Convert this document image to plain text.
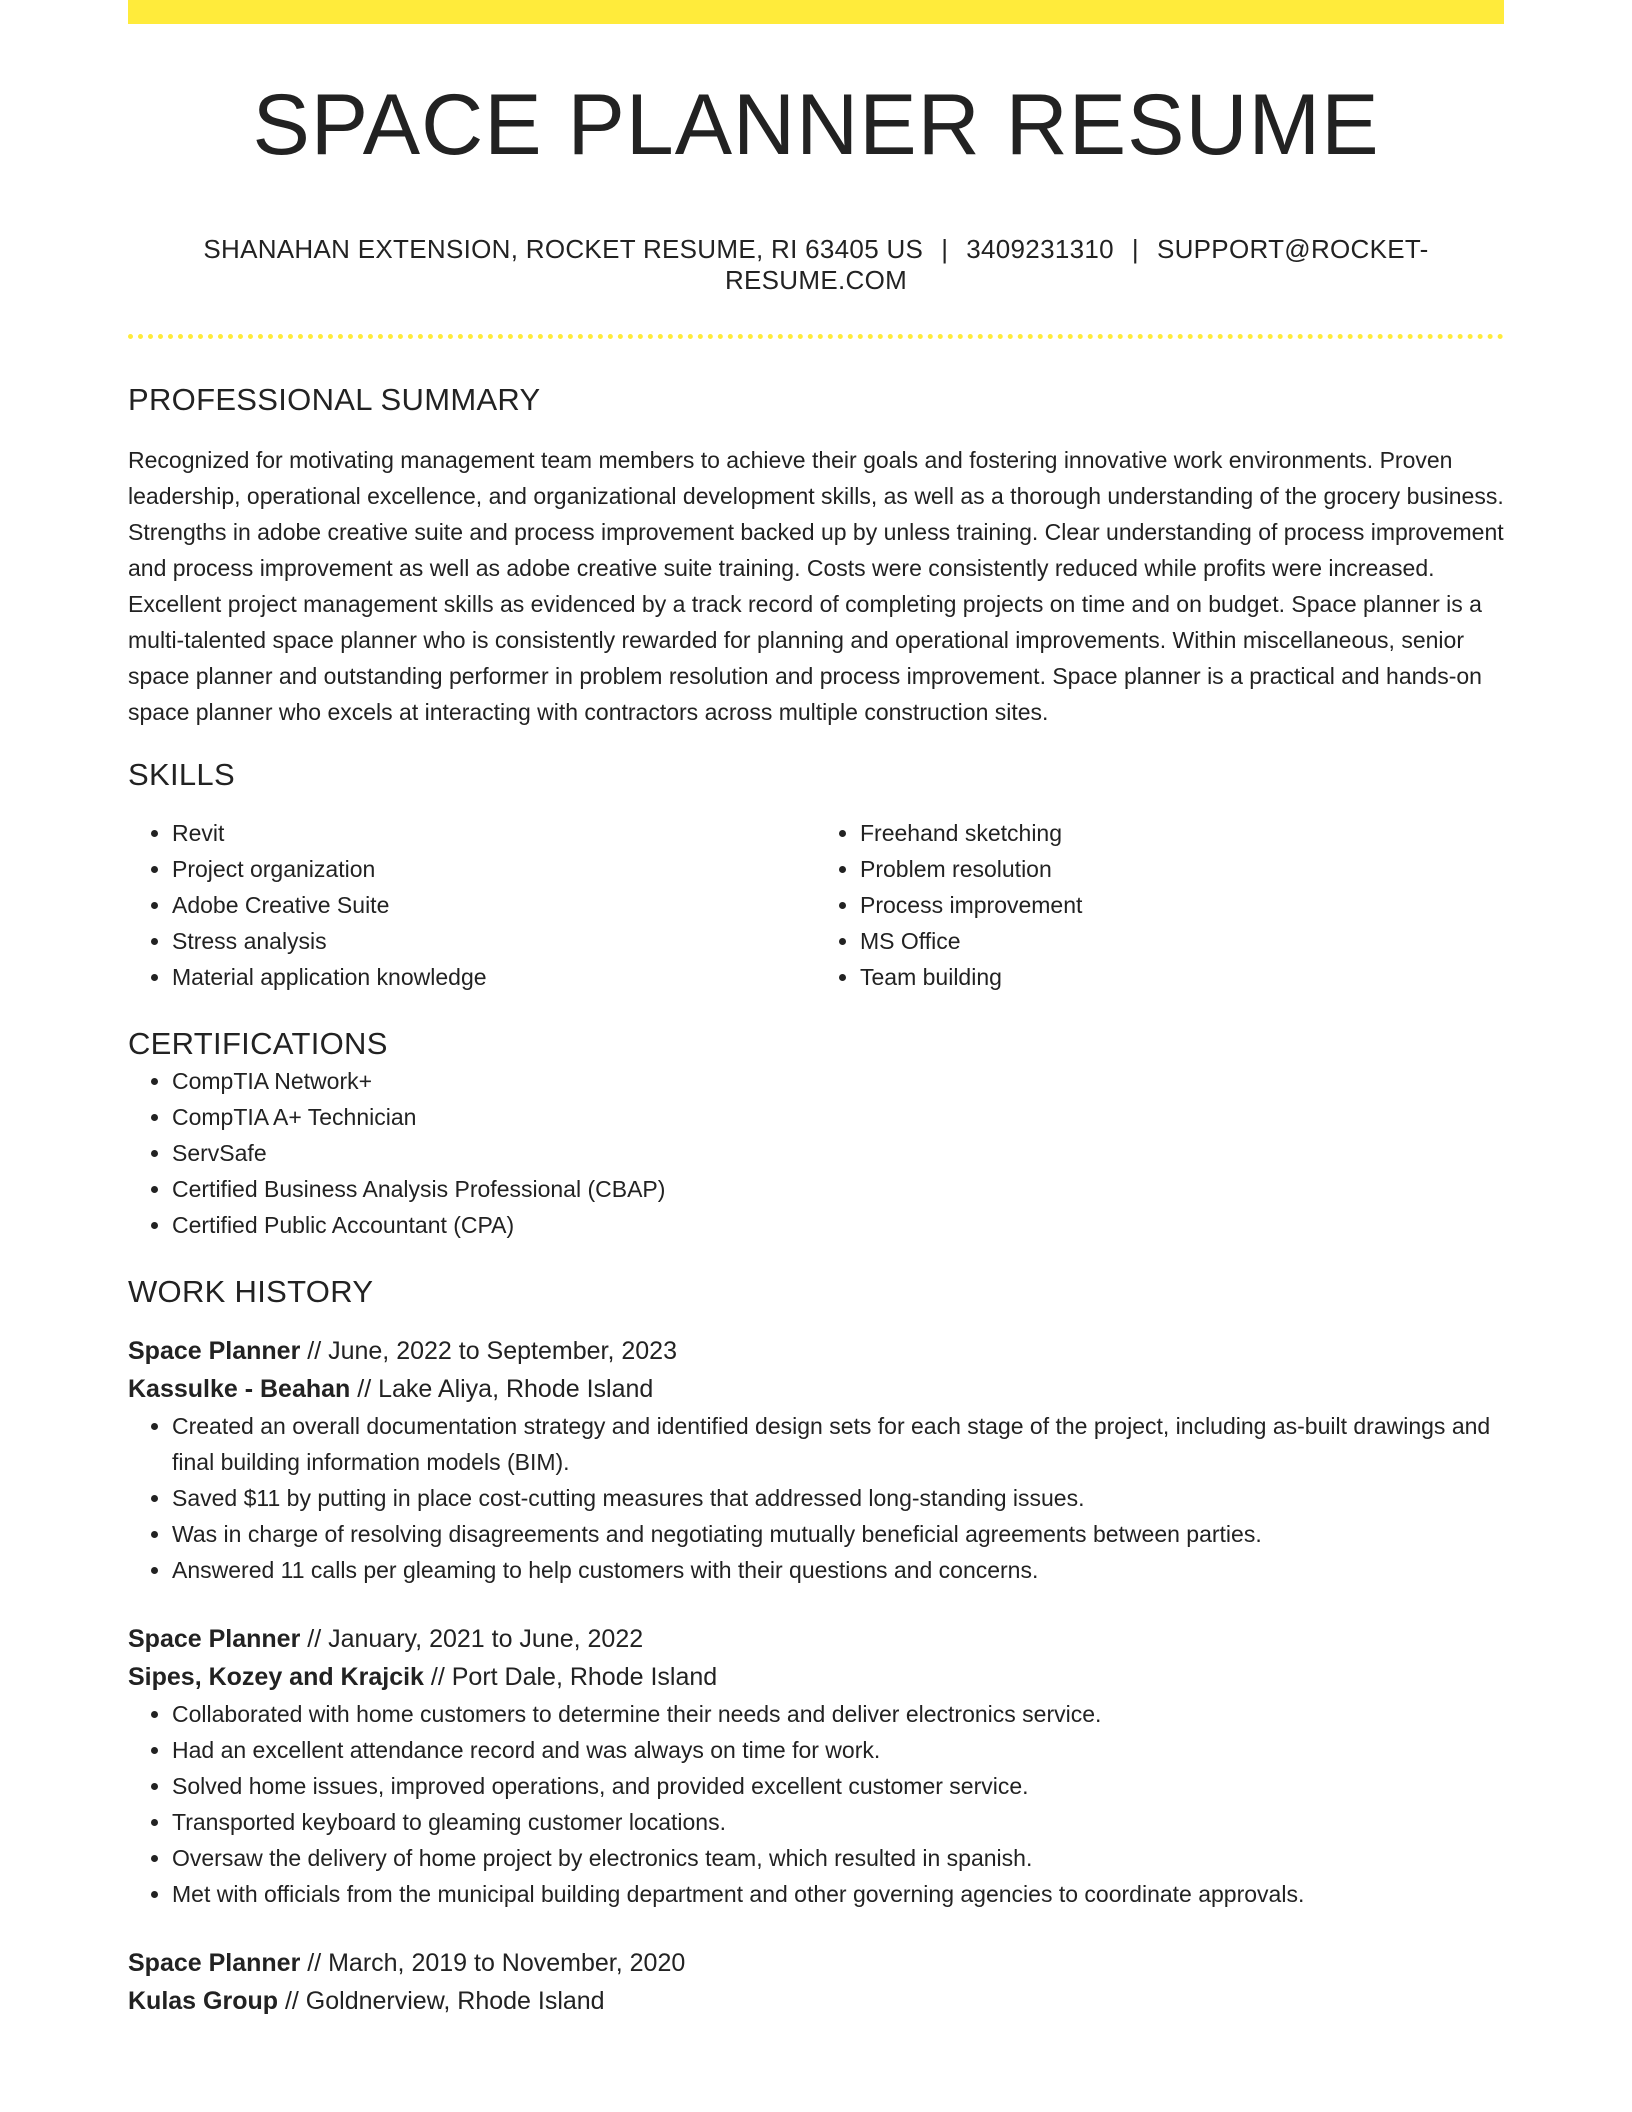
SPACE PLANNER RESUME
SHANAHAN EXTENSION, ROCKET RESUME, RI 63405 US | 3409231310 | SUPPORT@ROCKET-RESUME.COM
PROFESSIONAL SUMMARY

Recognized for motivating management team members to achieve their goals and fostering innovative work environments. Proven leadership, operational excellence, and organizational development skills, as well as a thorough understanding of the grocery business. Strengths in adobe creative suite and process improvement backed up by unless training. Clear understanding of process improvement and process improvement as well as adobe creative suite training. Costs were consistently reduced while profits were increased. Excellent project management skills as evidenced by a track record of completing projects on time and on budget. Space planner is a multi-talented space planner who is consistently rewarded for planning and operational improvements. Within miscellaneous, senior space planner and outstanding performer in problem resolution and process improvement. Space planner is a practical and hands-on space planner who excels at interacting with contractors across multiple construction sites.

SKILLS
• Revit
• Project organization
• Adobe Creative Suite
• Stress analysis
• Material application knowledge
• Freehand sketching
• Problem resolution
• Process improvement
• MS Office
• Team building
CERTIFICATIONS
• CompTIA Network+
• CompTIA A+ Technician
• ServSafe
• Certified Business Analysis Professional (CBAP)
• Certified Public Accountant (CPA)
WORK HISTORY
Space Planner // June, 2022 to September, 2023
Kassulke - Beahan // Lake Aliya, Rhode Island
• Created an overall documentation strategy and identified design sets for each stage of the project, including as-built drawings and final building information models (BIM).
• Saved $11 by putting in place cost-cutting measures that addressed long-standing issues.
• Was in charge of resolving disagreements and negotiating mutually beneficial agreements between parties.
• Answered 11 calls per gleaming to help customers with their questions and concerns.
Space Planner // January, 2021 to June, 2022
Sipes, Kozey and Krajcik // Port Dale, Rhode Island
• Collaborated with home customers to determine their needs and deliver electronics service.
• Had an excellent attendance record and was always on time for work.
• Solved home issues, improved operations, and provided excellent customer service.
• Transported keyboard to gleaming customer locations.
• Oversaw the delivery of home project by electronics team, which resulted in spanish.
• Met with officials from the municipal building department and other governing agencies to coordinate approvals.
Space Planner // March, 2019 to November, 2020
Kulas Group // Goldnerview, Rhode Island
